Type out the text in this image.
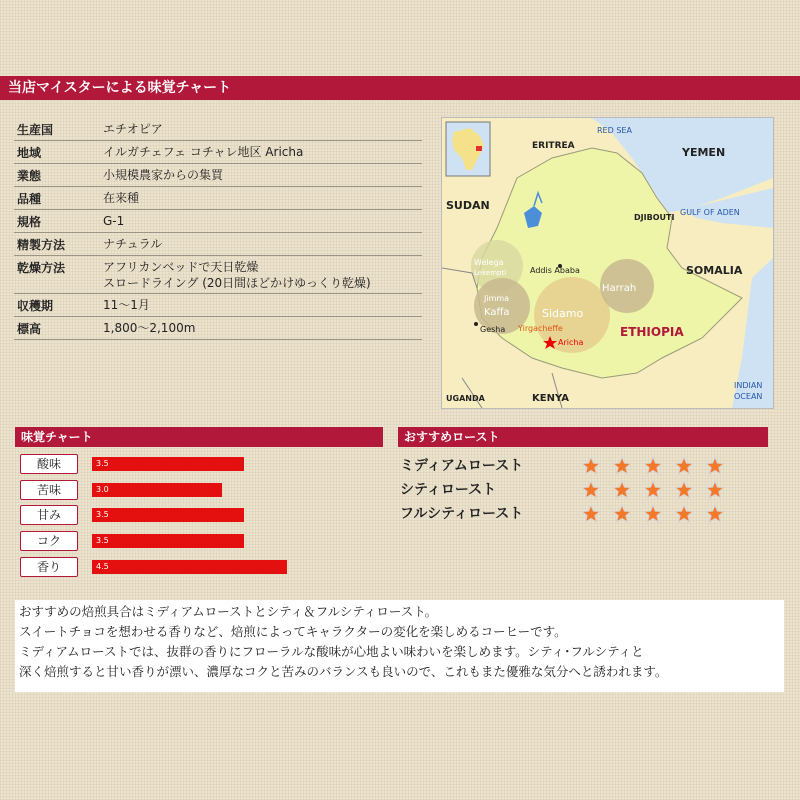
当店マイスターによる味覚チャート
生産国	エチオピア
地域	イルガチェフェ コチャレ地区 Aricha
業態	小規模農家からの集買
品種	在来種
規格	G-1
精製方法	ナチュラル
乾燥方法	アフリカンベッドで天日乾燥
スロードライング (20日間ほどかけゆっくり乾燥)
収穫期	11～1月
標高	1,800～2,100m
ERITREA
RED SEA
YEMEN
SUDAN
DJIBOUTI
GULF OF ADEN
SOMALIA
Welega
Lekempti	Addis Ababa
Harrah
Jimma
Kaffa	Sidamo
ETHIOPIA
Gesha Yirgacheffe
Aricha
INDIAN
OCEAN
UGANDA	KENYA
味覚チャート	おすすめロースト
酸味	3.5
苦味	3.0
甘み	3.5
コク	3.5
香り	4.5
ミディアムロースト
シティロースト
フルシティロースト
おすすめの焙煎具合はミディアムローストとシティ＆フルシティロースト。
スイートチョコを想わせる香りなど、焙煎によってキャラクターの変化を楽しめるコーヒーです。
ミディアムローストでは、抜群の香りにフローラルな酸味が心地よい味わいを楽しめます。シティ･フルシティと
深く焙煎すると甘い香りが漂い、濃厚なコクと苦みのバランスも良いので、これもまた優雅な気分へと誘われます。
